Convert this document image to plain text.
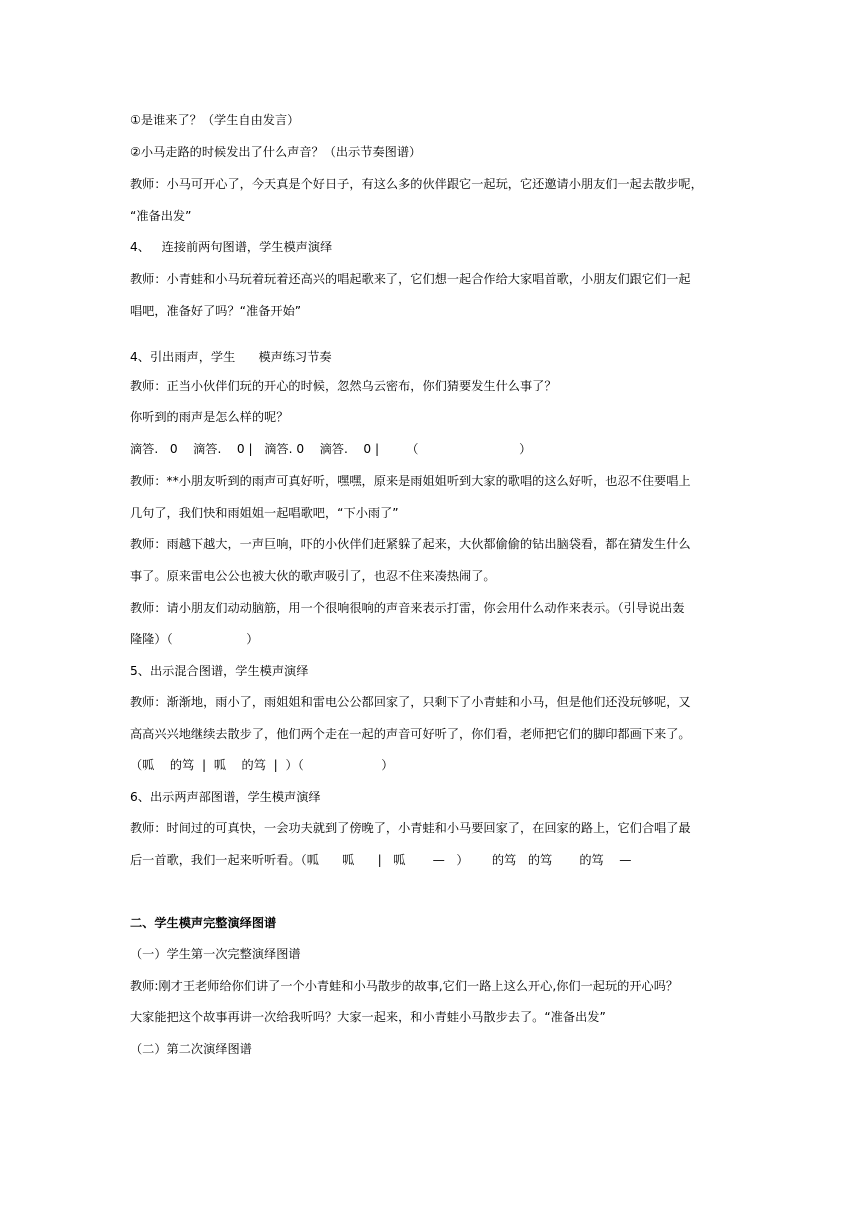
①是谁来了？（学生自由发言）
②小马走路的时候发出了什么声音？（出示节奏图谱）
教师：小马可开心了，今天真是个好日子，有这么多的伙伴跟它一起玩，它还邀请小朋友们一起去散步呢，
“准备出发”
4、   连接前两句图谱，学生模声演绎
教师：小青蛙和小马玩着玩着还高兴的唱起歌来了，它们想一起合作给大家唱首歌，小朋友们跟它们一起
唱吧，准备好了吗？“准备开始”
4、引出雨声，学生      模声练习节奏
教师：正当小伙伴们玩的开心的时候，忽然乌云密布，你们猜要发生什么事了？
你听到的雨声是怎么样的呢？
滴答.   0    滴答.    0 |   滴答. 0    滴答.    0 |       （                          ）
教师：**小朋友听到的雨声可真好听，嘿嘿，原来是雨姐姐听到大家的歌唱的这么好听，也忍不住要唱上
几句了，我们快和雨姐姐一起唱歌吧，“下小雨了”
教师：雨越下越大，一声巨响，吓的小伙伴们赶紧躲了起来，大伙都偷偷的钻出脑袋看，都在猜发生什么
事了。原来雷电公公也被大伙的歌声吸引了，也忍不住来凑热闹了。
教师：请小朋友们动动脑筋，用一个很响很响的声音来表示打雷，你会用什么动作来表示。（引导说出轰
隆隆）（                   ）
5、出示混合图谱，学生模声演绎
教师：渐渐地，雨小了，雨姐姐和雷电公公都回家了，只剩下了小青蛙和小马，但是他们还没玩够呢，又
高高兴兴地继续去散步了，他们两个走在一起的声音可好听了，你们看，老师把它们的脚印都画下来了。
（呱    的笃  |  呱    的笃  |  ）（                    ）
6、出示两声部图谱，学生模声演绎
教师：时间过的可真快，一会功夫就到了傍晚了，小青蛙和小马要回家了，在回家的路上，它们合唱了最
后一首歌，我们一起来听听看。（呱      呱      |   呱       —   ）      的笃   的笃       的笃    —
二、学生模声完整演绎图谱
（一）学生第一次完整演绎图谱
教师:刚才王老师给你们讲了一个小青蛙和小马散步的故事,它们一路上这么开心,你们一起玩的开心吗？
大家能把这个故事再讲一次给我听吗？大家一起来，和小青蛙小马散步去了。“准备出发”
（二）第二次演绎图谱
